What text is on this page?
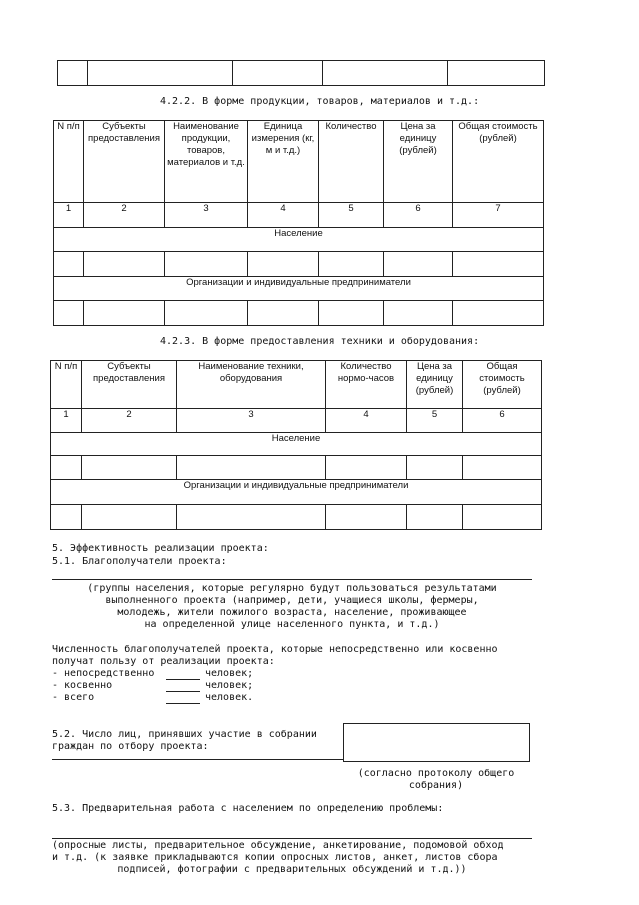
4.2.2. В форме продукции, товаров, материалов и т.д.:
N п/п	Субъекты предоставления	Наименование продукции, товаров, материалов и т.д.	Единица измерения (кг, м и т.д.)	Количество	Цена за единицу (рублей)	Общая стоимость (рублей)
1	2	3	4	5	6	7
Население						

Организации и индивидуальные предприниматели						

4.2.3. В форме предоставления техники и оборудования:
N п/п	Субъекты предоставления	Наименование техники, оборудования	Количество нормо-часов	Цена за единицу (рублей)	Общая стоимость (рублей)
1	2	3	4	5	6
Население					

Организации и индивидуальные предприниматели					

5. Эффективность реализации проекта:
5.1. Благополучатели проекта:
(группы населения, которые регулярно будут пользоваться результатами
выполненного проекта (например, дети, учащиеся школы, фермеры,
молодежь, жители пожилого возраста, население, проживающее
на определенной улице населенного пункта, и т.д.)
Численность благополучателей проекта, которые непосредственно или косвенно
получат пользу от реализации проекта:
- непосредственно	человек;
- косвенно	человек;
- всего	человек.
5.2. Число лиц, принявших участие в собрании
граждан по отбору проекта:
(согласно протоколу общего
собрания)
5.3. Предварительная работа с населением по определению проблемы:
(опросные листы, предварительное обсуждение, анкетирование, подомовой обход
и т.д. (к заявке прикладываются копии опросных листов, анкет, листов сбора
подписей, фотографии с предварительных обсуждений и т.д.))
